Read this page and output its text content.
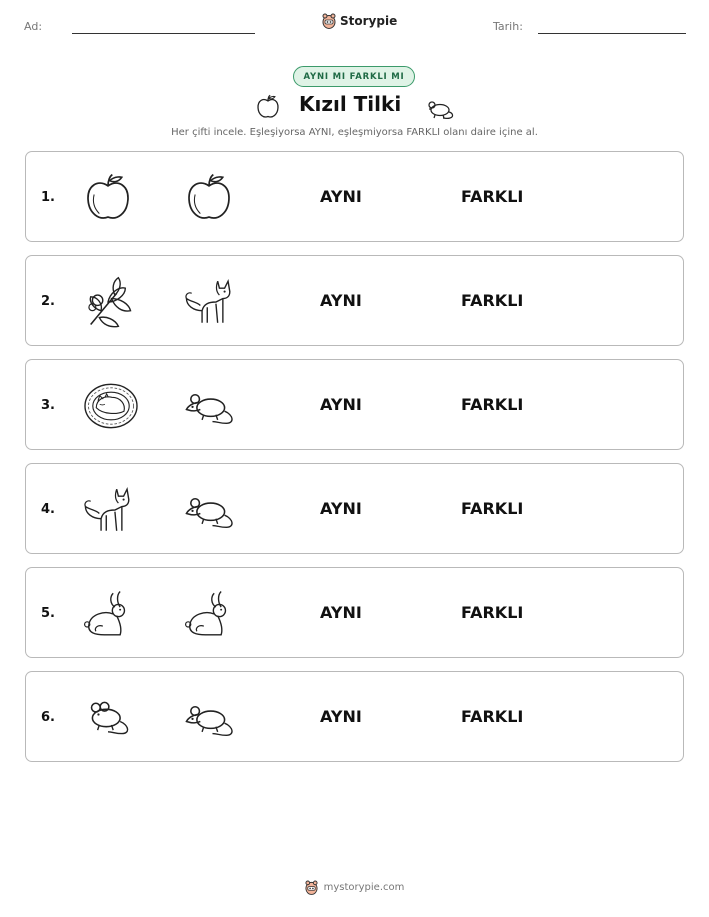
Ad:	Storypie	Tarih:
AYNI MI FARKLI MI
Kızıl Tilki
Her çifti incele. Eşleşiyorsa AYNI, eşleşmiyorsa FARKLI olanı daire içine al.
1.	AYNI	FARKLI
2.	AYNI	FARKLI
3.	AYNI	FARKLI
4.	AYNI	FARKLI
5.	AYNI	FARKLI
6.	AYNI	FARKLI
mystorypie.com
